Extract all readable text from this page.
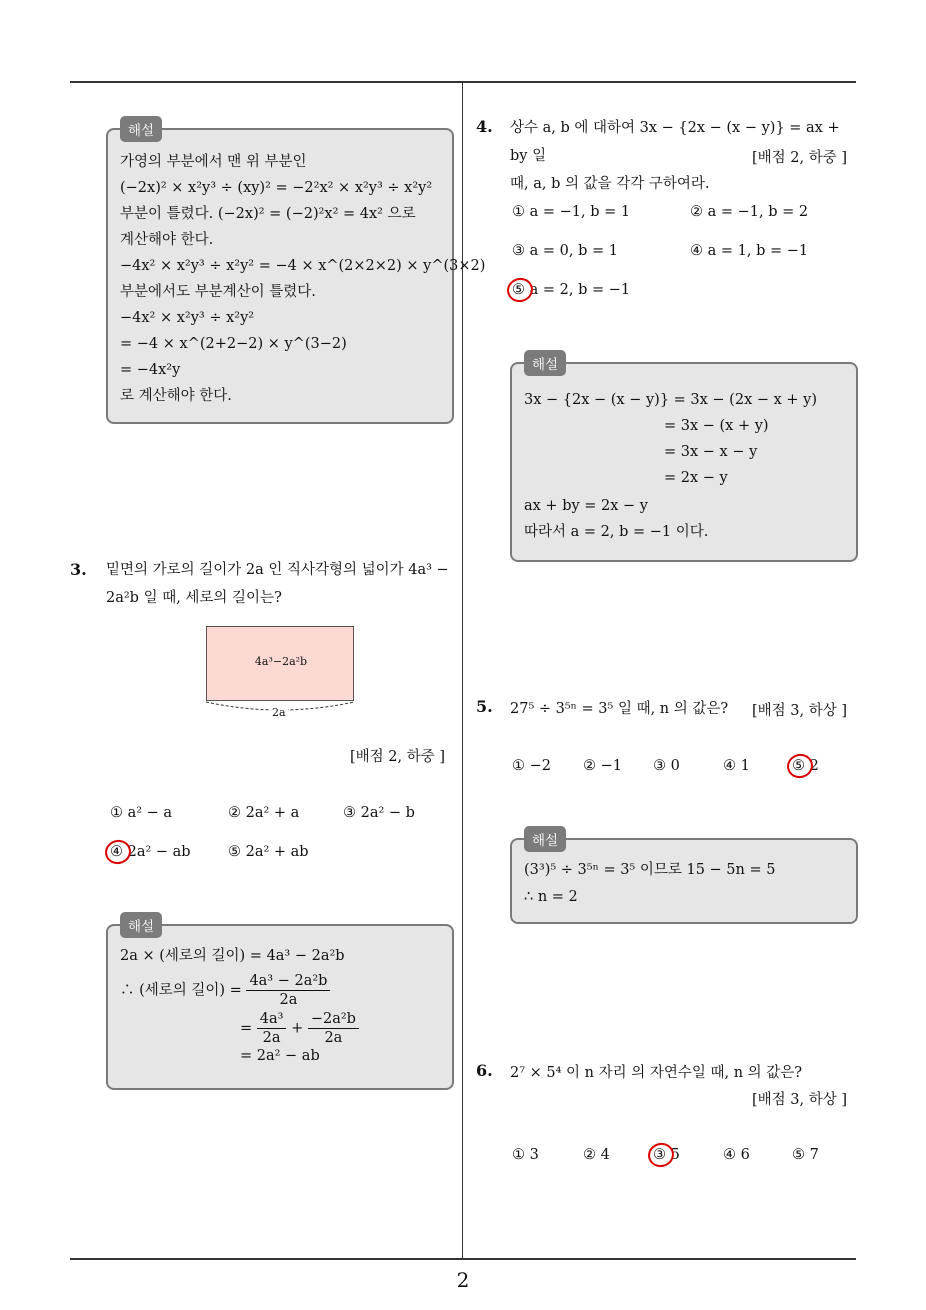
해설
가영의 부분에서 맨 위 부분인
(−2x)² × x²y³ ÷ (xy)² = −2²x² × x²y³ ÷ x²y²
부분이 틀렸다. (−2x)² = (−2)²x² = 4x² 으로
계산해야 한다.
−4x² × x²y³ ÷ x²y² = −4 × x^(2×2×2) × y^(3×2)
부분에서도 부분계산이 틀렸다.
−4x² × x²y³ ÷ x²y²
= −4 × x^(2+2−2) × y^(3−2)
= −4x²y
로 계산해야 한다.
3. 밑면의 가로의 길이가 2a 인 직사각형의 넓이가 4a³ −
2a²b 일 때, 세로의 길이는?
4a³−2a²b
2a
[배점 2, 하중 ]
① a² − a	② 2a² + a	③ 2a² − b
④ 2a² − ab	⑤ 2a² + ab
해설
2a × (세로의 길이) = 4a³ − 2a²b
∴ (세로의 길이) = $\frac{\text{4a³ − 2a²b}}{2a}$
= $\frac{\text{4a³}}{2a} + \frac{\text{−2a²b}}{2a}$
= 2a² − ab
4. 상수 a, b 에 대하여 3x − {2x − (x − y)} = ax + by 일
때, a, b 의 값을 각각 구하여라.
[배점 2, 하중 ]
① a = −1, b = 1	② a = −1, b = 2
③ a = 0, b = 1	④ a = 1, b = −1
⑤ a = 2, b = −1
해설
3x − {2x − (x − y)} = 3x − (2x − x + y)
= 3x − (x + y)
= 3x − x − y
= 2x − y
ax + by = 2x − y
따라서 a = 2, b = −1 이다.
5. 27⁵ ÷ 3⁵ⁿ = 3⁵ 일 때, n 의 값은? [배점 3, 하상 ]
① −2 ② −1 ③ 0	④ 1	⑤ 2
해설
(3³)⁵ ÷ 3⁵ⁿ = 3⁵ 이므로 15 − 5n = 5
∴ n = 2
6. 2⁷ × 5⁴ 이 n 자리 의 자연수일 때, n 의 값은?
[배점 3, 하상 ]
① 3	② 4	③ 5	④ 6	⑤ 7
2
